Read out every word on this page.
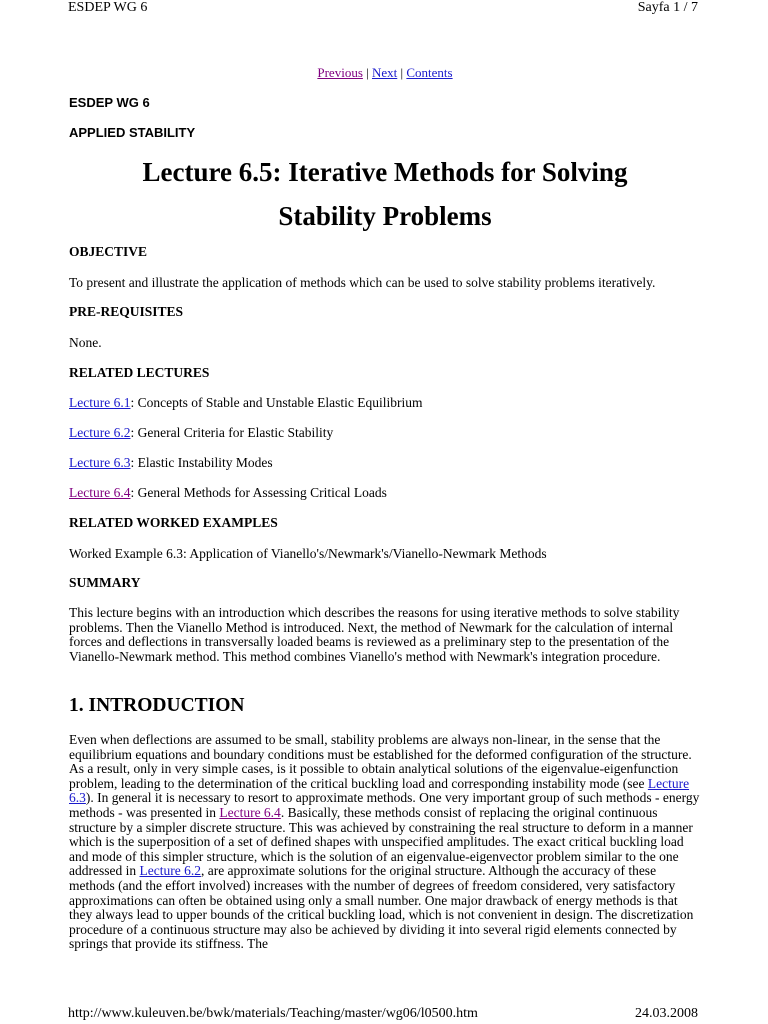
ESDEP WG 6	Sayfa 1 / 7
Previous | Next | Contents
ESDEP WG 6
APPLIED STABILITY
Lecture 6.5: Iterative Methods for Solving
Stability Problems
OBJECTIVE
To present and illustrate the application of methods which can be used to solve stability problems iteratively.
PRE-REQUISITES
None.
RELATED LECTURES
Lecture 6.1: Concepts of Stable and Unstable Elastic Equilibrium
Lecture 6.2: General Criteria for Elastic Stability
Lecture 6.3: Elastic Instability Modes
Lecture 6.4: General Methods for Assessing Critical Loads
RELATED WORKED EXAMPLES
Worked Example 6.3: Application of Vianello's/Newmark's/Vianello-Newmark Methods
SUMMARY
This lecture begins with an introduction which describes the reasons for using iterative methods to solve stability problems. Then the Vianello Method is introduced. Next, the method of Newmark for the calculation of internal forces and deflections in transversally loaded beams is reviewed as a preliminary step to the presentation of the Vianello-Newmark method. This method combines Vianello's method with Newmark's integration procedure.
1. INTRODUCTION
Even when deflections are assumed to be small, stability problems are always non-linear, in the sense that the equilibrium equations and boundary conditions must be established for the deformed configuration of the structure. As a result, only in very simple cases, is it possible to obtain analytical solutions of the eigenvalue-eigenfunction problem, leading to the determination of the critical buckling load and corresponding instability mode (see Lecture 6.3). In general it is necessary to resort to approximate methods. One very important group of such methods - energy methods - was presented in Lecture 6.4. Basically, these methods consist of replacing the original continuous structure by a simpler discrete structure. This was achieved by constraining the real structure to deform in a manner which is the superposition of a set of defined shapes with unspecified amplitudes. The exact critical buckling load and mode of this simpler structure, which is the solution of an eigenvalue-eigenvector problem similar to the one addressed in Lecture 6.2, are approximate solutions for the original structure. Although the accuracy of these methods (and the effort involved) increases with the number of degrees of freedom considered, very satisfactory approximations can often be obtained using only a small number. One major drawback of energy methods is that they always lead to upper bounds of the critical buckling load, which is not convenient in design. The discretization procedure of a continuous structure may also be achieved by dividing it into several rigid elements connected by springs that provide its stiffness. The
http://www.kuleuven.be/bwk/materials/Teaching/master/wg06/l0500.htm	24.03.2008
